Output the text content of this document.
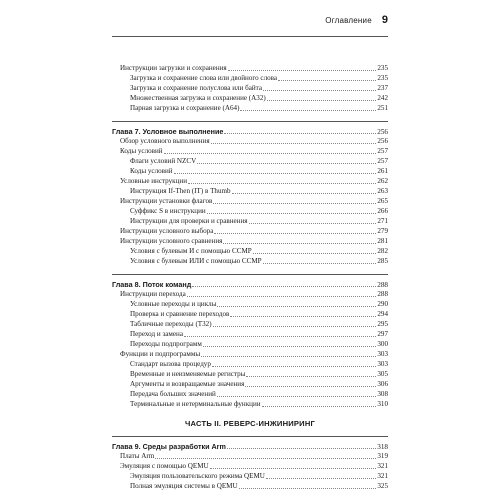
Оглавление 9
Инструкции загрузки и сохранения	235
Загрузка и сохранение слова или двойного слова	235
Загрузка и сохранение полуслова или байта	237
Множественная загрузка и сохранение (A32)	242
Парная загрузка и сохранение (A64)	251
Глава 7. Условное выполнение	256
Обзор условного выполнения	256
Коды условий	257
Флаги условий NZCV	257
Коды условий	261
Условные инструкции	262
Инструкция If-Then (IT) в Thumb	263
Инструкции установки флагов	265
Суффикс S в инструкции	266
Инструкции для проверки и сравнения	271
Инструкции условного выбора	279
Инструкции условного сравнения	281
Условия с булевым И с помощью CCMP	282
Условия с булевым ИЛИ с помощью CCMP	285
Глава 8. Поток команд	288
Инструкции перехода	288
Условные переходы и циклы	290
Проверка и сравнение переходов	294
Табличные переходы (T32)	295
Переход и замена	297
Переходы подпрограмм	300
Функции и подпрограммы	303
Стандарт вызова процедур	303
Временные и неизменяемые регистры	305
Аргументы и возвращаемые значения	306
Передача больших значений	308
Терминальные и нетерминальные функции	310
ЧАСТЬ II. РЕВЕРС-ИНЖИНИРИНГ
Глава 9. Среды разработки Arm	318
Платы Arm	319
Эмуляция с помощью QEMU	321
Эмуляция пользовательского режима QEMU	321
Полная эмуляция системы в QEMU	325
